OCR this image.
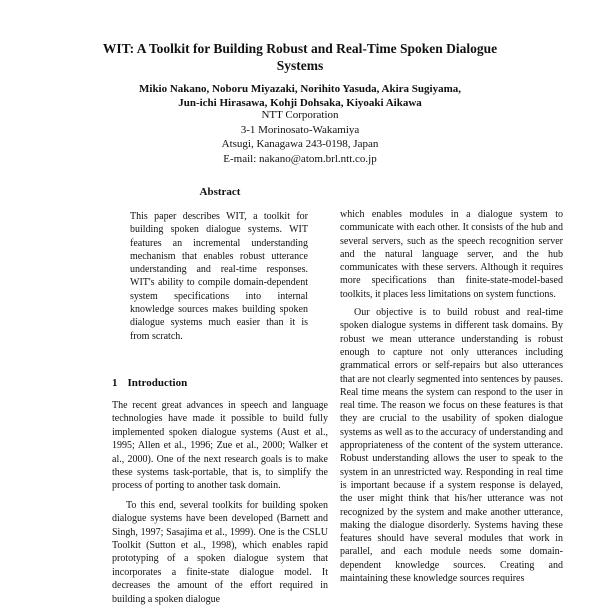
WIT: A Toolkit for Building Robust and Real-Time Spoken Dialogue
Systems
Mikio Nakano, Noboru Miyazaki, Norihito Yasuda, Akira Sugiyama,
Jun-ichi Hirasawa, Kohji Dohsaka, Kiyoaki Aikawa
NTT Corporation
3-1 Morinosato-Wakamiya
Atsugi, Kanagawa 243-0198, Japan
E-mail: nakano@atom.brl.ntt.co.jp
Abstract
This paper describes WIT, a toolkit for building spoken dialogue systems. WIT features an incremental understanding mechanism that enables robust utterance understanding and real-time responses. WIT's ability to compile domain-dependent system specifications into internal knowledge sources makes building spoken dialogue systems much easier than it is from scratch.
1 Introduction

The recent great advances in speech and language technologies have made it possible to build fully implemented spoken dialogue systems (Aust et al., 1995; Allen et al., 1996; Zue et al., 2000; Walker et al., 2000). One of the next research goals is to make these systems task-portable, that is, to simplify the process of porting to another task domain.

To this end, several toolkits for building spoken dialogue systems have been developed (Barnett and Singh, 1997; Sasajima et al., 1999). One is the CSLU Toolkit (Sutton et al., 1998), which enables rapid prototyping of a spoken dialogue system that incorporates a finite-state dialogue model. It decreases the amount of the effort required in building a spoken dialogue

which enables modules in a dialogue system to communicate with each other. It consists of the hub and several servers, such as the speech recognition server and the natural language server, and the hub communicates with these servers. Although it requires more specifications than finite-state-model-based toolkits, it places less limitations on system functions.

Our objective is to build robust and real-time spoken dialogue systems in different task domains. By robust we mean utterance understanding is robust enough to capture not only utterances including grammatical errors or self-repairs but also utterances that are not clearly segmented into sentences by pauses. Real time means the system can respond to the user in real time. The reason we focus on these features is that they are crucial to the usability of spoken dialogue systems as well as to the accuracy of understanding and appropriateness of the content of the system utterance. Robust understanding allows the user to speak to the system in an unrestricted way. Responding in real time is important because if a system response is delayed, the user might think that his/her utterance was not recognized by the system and make another utterance, making the dialogue disorderly. Systems having these features should have several modules that work in parallel, and each module needs some domain-dependent knowledge sources. Creating and maintaining these knowledge sources requires
